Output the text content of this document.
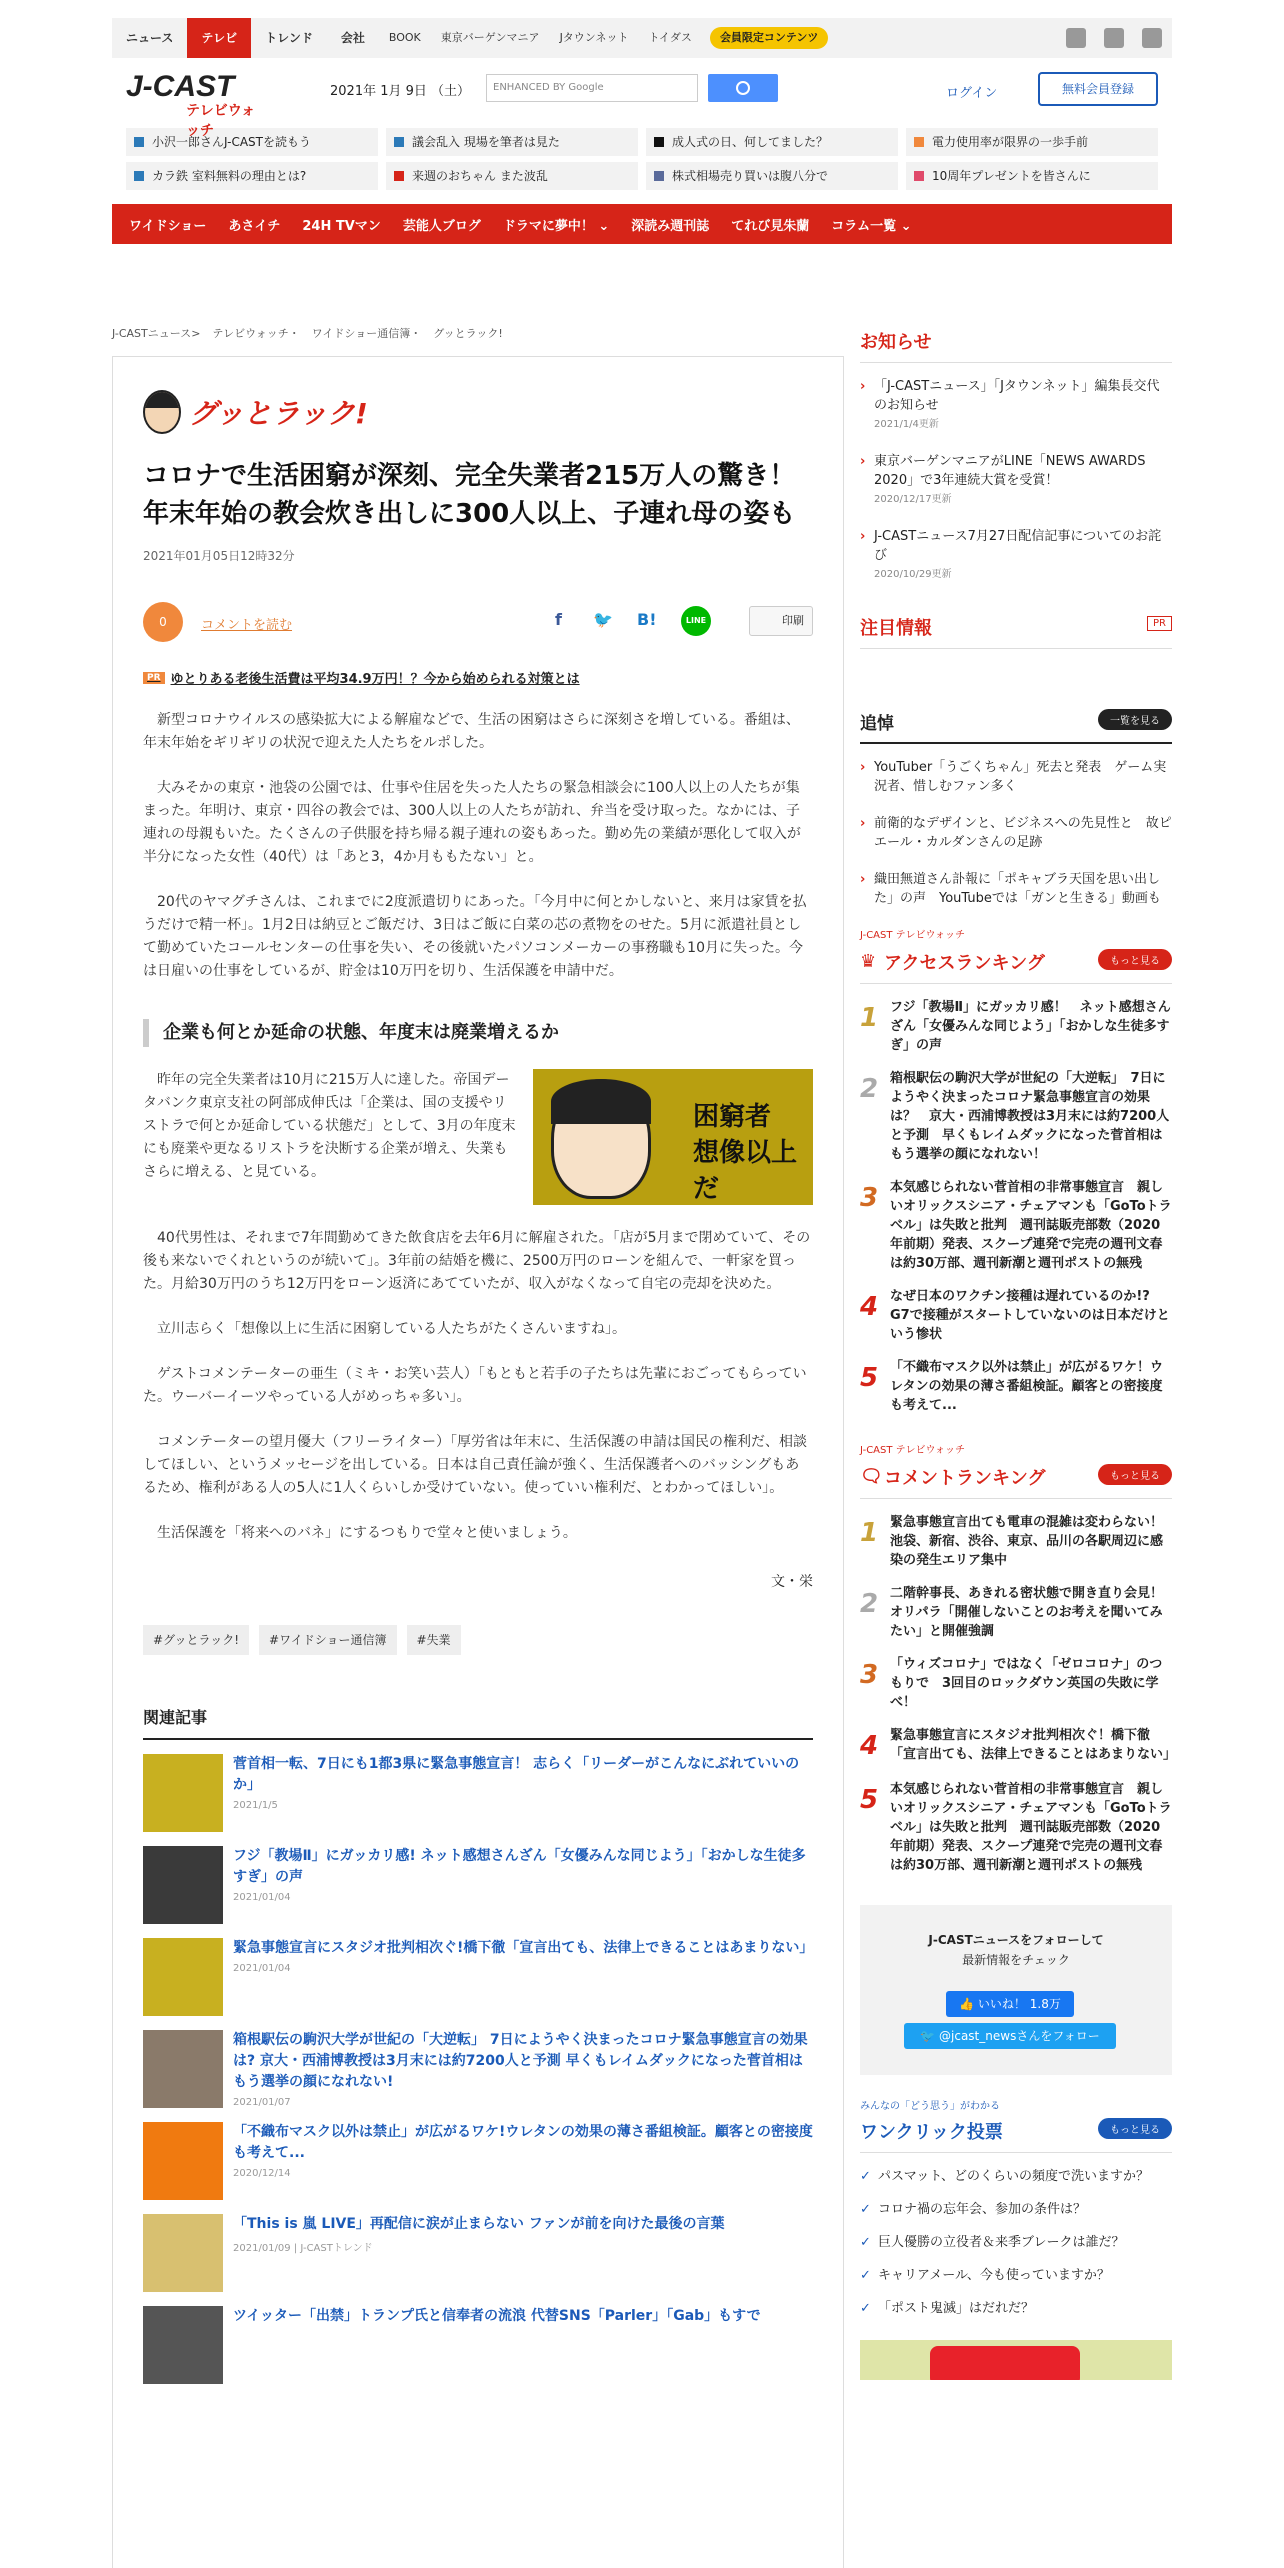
ニュース	テレビ	トレンド	会社	BOOK	東京バーゲンマニア	Jタウンネット	トイダス	会員限定コンテンツ
J-CAST
テレビウォッチ
2021年 1月 9日 （土）	ENHANCED BY Google	ログイン	無料会員登録
小沢一郎さんJ-CASTを読もう	議会乱入 現場を筆者は見た	成人式の日、何してました？	電力使用率が限界の一歩手前
カラ鉄 室料無料の理由とは?	来週のおちゃん また波乱	株式相場売り買いは腹八分で	10周年プレゼントを皆さんに
ワイドショー	あさイチ	24H TVマン	芸能人ブログ	ドラマに夢中！ ⌄	深読み週刊誌	てれび見朱蘭	コラム一覧 ⌄
J-CASTニュース> テレビウォッチ・ ワイドショー通信簿・ グッとラック!
グッとラック!
コロナで生活困窮が深刻、完全失業者215万人の驚き！ 年末年始の教会炊き出しに300人以上、子連れ母の姿も
2021年01月05日12時32分
0	コメントを読む	f 🐦 B!	LINE	印刷
PR ゆとりある老後生活費は平均34.9万円！？今から始められる対策とは

新型コロナウイルスの感染拡大による解雇などで、生活の困窮はさらに深刻さを増している。番組は、年末年始をギリギリの状況で迎えた人たちをルポした。

大みそかの東京・池袋の公園では、仕事や住居を失った人たちの緊急相談会に100人以上の人たちが集まった。年明け、東京・四谷の教会では、300人以上の人たちが訪れ、弁当を受け取った。なかには、子連れの母親もいた。たくさんの子供服を持ち帰る親子連れの姿もあった。勤め先の業績が悪化して収入が半分になった女性（40代）は「あと3，4か月ももたない」と。

20代のヤマグチさんは、これまでに2度派遣切りにあった。「今月中に何とかしないと、来月は家賃を払うだけで精一杯」。1月2日は納豆とご飯だけ、3日はご飯に白菜の芯の煮物をのせた。5月に派遣社員として勤めていたコールセンターの仕事を失い、その後就いたパソコンメーカーの事務職も10月に失った。今は日雇いの仕事をしているが、貯金は10万円を切り、生活保護を申請中だ。

企業も何とか延命の状態、年度末は廃業増えるか

昨年の完全失業者は10月に215万人に達した。帝国データバンク東京支社の阿部成伸氏は「企業は、国の支援やリストラで何とか延命している状態だ」として、3月の年度末にも廃業や更なるリストラを決断する企業が増え、失業もさらに増える、と見ている。

困窮者
想像以上だ

40代男性は、それまで7年間勤めてきた飲食店を去年6月に解雇された。「店が5月まで閉めていて、その後も来ないでくれというのが続いて」。3年前の結婚を機に、2500万円のローンを組んで、一軒家を買った。月給30万円のうち12万円をローン返済にあてていたが、収入がなくなって自宅の売却を決めた。

立川志らく「想像以上に生活に困窮している人たちがたくさんいますね」。

ゲストコメンテーターの亜生（ミキ・お笑い芸人）「もともと若手の子たちは先輩におごってもらっていた。ウーバーイーツやっている人がめっちゃ多い」。

コメンテーターの望月優大（フリーライター）「厚労省は年末に、生活保護の申請は国民の権利だ、相談してほしい、というメッセージを出している。日本は自己責任論が強く、生活保護者へのバッシングもあるため、権利がある人の5人に1人くらいしか受けていない。使っていい権利だ、とわかってほしい」。

生活保護を「将来へのバネ」にするつもりで堂々と使いましょう。

文・栄
#グッとラック!	#ワイドショー通信簿	#失業
関連記事
菅首相一転、7日にも1都3県に緊急事態宣言！ 志らく「リーダーがこんなにぶれていいのか」
2021/1/5
フジ「教場Ⅱ」にガッカリ感! ネット感想さんざん「女優みんな同じよう」「おかしな生徒多すぎ」の声
2021/01/04
緊急事態宣言にスタジオ批判相次ぐ!橋下徹「宣言出ても、法律上できることはあまりない」
2021/01/04
箱根駅伝の駒沢大学が世紀の「大逆転」 7日にようやく決まったコロナ緊急事態宣言の効果は? 京大・西浦博教授は3月末には約7200人と予測 早くもレイムダックになった菅首相はもう選挙の顔になれない!
2021/01/07
「不織布マスク以外は禁止」が広がるワケ!ウレタンの効果の薄さ番組検証。顧客との密接度も考えて...
2020/12/14
「This is 嵐 LIVE」再配信に涙が止まらない ファンが前を向けた最後の言葉
2021/01/09 | J-CASTトレンド
ツイッター「出禁」トランプ氏と信奉者の流浪 代替SNS「Parler」「Gab」もすで
お知らせ
› 「J-CASTニュース」「Jタウンネット」編集長交代のお知らせ
2021/1/4更新
› 東京バーゲンマニアがLINE「NEWS AWARDS 2020」で3年連続大賞を受賞！
2020/12/17更新
› J-CASTニュース7月27日配信記事についてのお詫び
2020/10/29更新
注目情報	PR
追悼	一覧を見る
› YouTuber「うごくちゃん」死去と発表　ゲーム実況者、惜しむファン多く
› 前衛的なデザインと、ビジネスへの先見性と　故ピエール・カルダンさんの足跡
› 織田無道さん訃報に「ポキャブラ天国を思い出した」の声　YouTubeでは「ガンと生きる」動画も
J-CAST テレビウォッチ
♛ アクセスランキング	もっと見る
1 フジ「教場Ⅱ」にガッカリ感！　ネット感想さんざん「女優みんな同じよう」「おかしな生徒多すぎ」の声
2 箱根駅伝の駒沢大学が世紀の「大逆転」　7日にようやく決まったコロナ緊急事態宣言の効果は？　京大・西浦博教授は3月末には約7200人と予測　早くもレイムダックになった菅首相はもう選挙の顔になれない！
3 本気感じられない菅首相の非常事態宣言　親しいオリックスシニア・チェアマンも「GoToトラベル」は失敗と批判　週刊誌販売部数（2020年前期）発表、スクープ連発で完売の週刊文春は約30万部、週刊新潮と週刊ポストの無残
4 なぜ日本のワクチン接種は遅れているのか!?　G7で接種がスタートしていないのは日本だけという惨状
5 「不織布マスク以外は禁止」が広がるワケ！ウレタンの効果の薄さ番組検証。顧客との密接度も考えて...
J-CAST テレビウォッチ
🗨 コメントランキング	もっと見る
1 緊急事態宣言出ても電車の混雑は変わらない！　池袋、新宿、渋谷、東京、品川の各駅周辺に感染の発生エリア集中
2 二階幹事長、あきれる密状態で開き直り会見！オリパラ「開催しないことのお考えを聞いてみたい」と開催強調
3 「ウィズコロナ」ではなく「ゼロコロナ」のつもりで　3回目のロックダウン英国の失敗に学べ！
4 緊急事態宣言にスタジオ批判相次ぐ！橋下徹「宣言出ても、法律上できることはあまりない」
5 本気感じられない菅首相の非常事態宣言　親しいオリックスシニア・チェアマンも「GoToトラベル」は失敗と批判　週刊誌販売部数（2020年前期）発表、スクープ連発で完売の週刊文春は約30万部、週刊新潮と週刊ポストの無残
J-CASTニュースをフォローして
最新情報をチェック
👍 いいね！ 1.8万
🐦 @jcast_newsさんをフォロー
みんなの「どう思う」がわかる
ワンクリック投票	もっと見る
✓ パスマット、どのくらいの頻度で洗いますか？
✓ コロナ禍の忘年会、参加の条件は？
✓ 巨人優勝の立役者＆来季ブレークは誰だ？
✓ キャリアメール、今も使っていますか？
✓ 「ポスト鬼滅」はだれだ？
